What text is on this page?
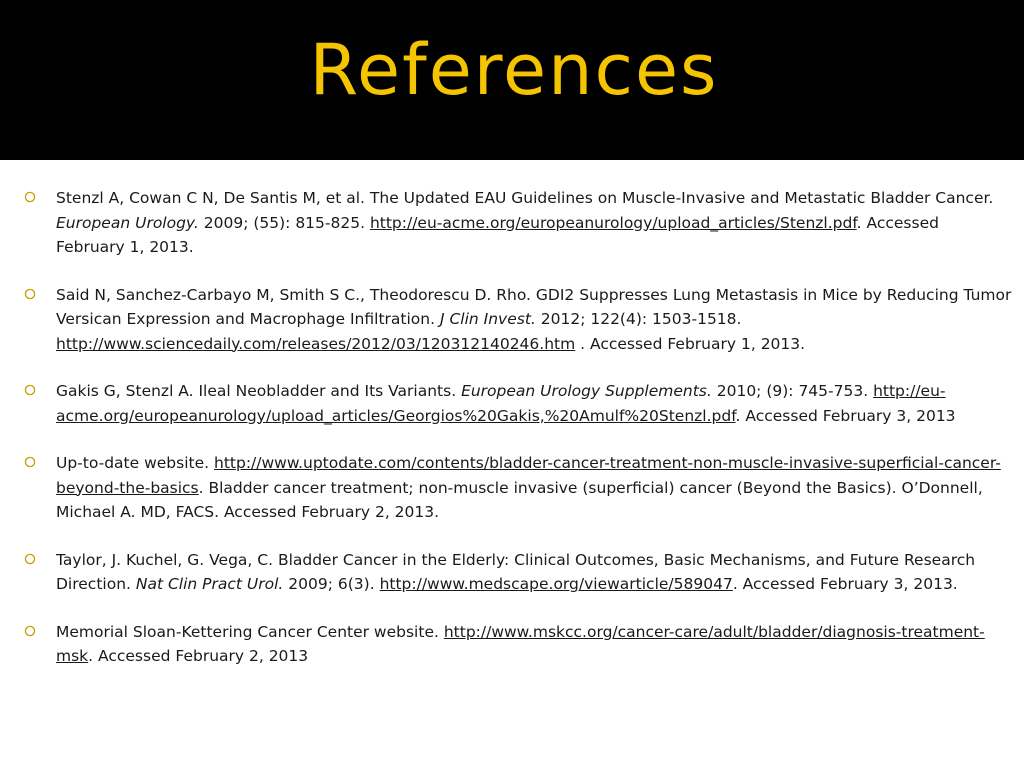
References
Stenzl A, Cowan C N, De Santis M, et al. The Updated EAU Guidelines on Muscle-Invasive and Metastatic Bladder Cancer. European Urology. 2009; (55): 815-825. http://eu-acme.org/europeanurology/upload_articles/Stenzl.pdf. Accessed February 1, 2013.
Said N, Sanchez-Carbayo M, Smith S C., Theodorescu D. Rho. GDI2 Suppresses Lung Metastasis in Mice by Reducing Tumor Versican Expression and Macrophage Infiltration. J Clin Invest. 2012; 122(4): 1503-1518. http://www.sciencedaily.com/releases/2012/03/120312140246.htm . Accessed February 1, 2013.
Gakis G, Stenzl A. Ileal Neobladder and Its Variants. European Urology Supplements. 2010; (9): 745-753. http://eu-acme.org/europeanurology/upload_articles/Georgios%20Gakis,%20Amulf%20Stenzl.pdf. Accessed February 3, 2013
Up-to-date website. http://www.uptodate.com/contents/bladder-cancer-treatment-non-muscle-invasive-superficial-cancer-beyond-the-basics. Bladder cancer treatment; non-muscle invasive (superficial) cancer (Beyond the Basics). O’Donnell, Michael A. MD, FACS. Accessed February 2, 2013.
Taylor, J. Kuchel, G. Vega, C. Bladder Cancer in the Elderly: Clinical Outcomes, Basic Mechanisms, and Future Research Direction. Nat Clin Pract Urol. 2009; 6(3). http://www.medscape.org/viewarticle/589047. Accessed February 3, 2013.
Memorial Sloan-Kettering Cancer Center website. http://www.mskcc.org/cancer-care/adult/bladder/diagnosis-treatment-msk. Accessed February 2, 2013
